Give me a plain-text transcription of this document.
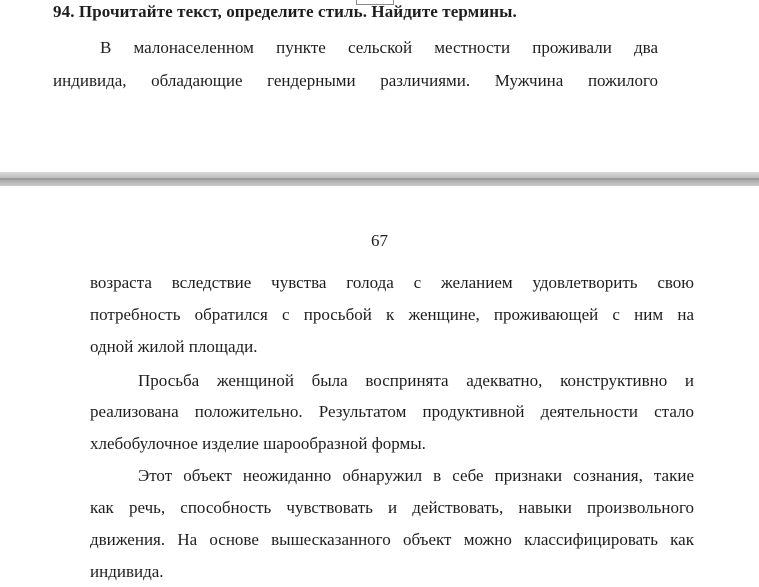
94. Прочитайте текст, определите стиль. Найдите термины.
В малонаселенном пункте сельской местности проживали два
индивида, обладающие гендерными различиями. Мужчина пожилого
67
возраста вследствие чувства голода с желанием удовлетворить свою
потребность обратился с просьбой к женщине, проживающей с ним на
одной жилой площади.
Просьба женщиной была воспринята адекватно, конструктивно и
реализована положительно. Результатом продуктивной деятельности стало
хлебобулочное изделие шарообразной формы.
Этот объект неожиданно обнаружил в себе признаки сознания, такие
как речь, способность чувствовать и действовать, навыки произвольного
движения. На основе вышесказанного объект можно классифицировать как
индивида.
